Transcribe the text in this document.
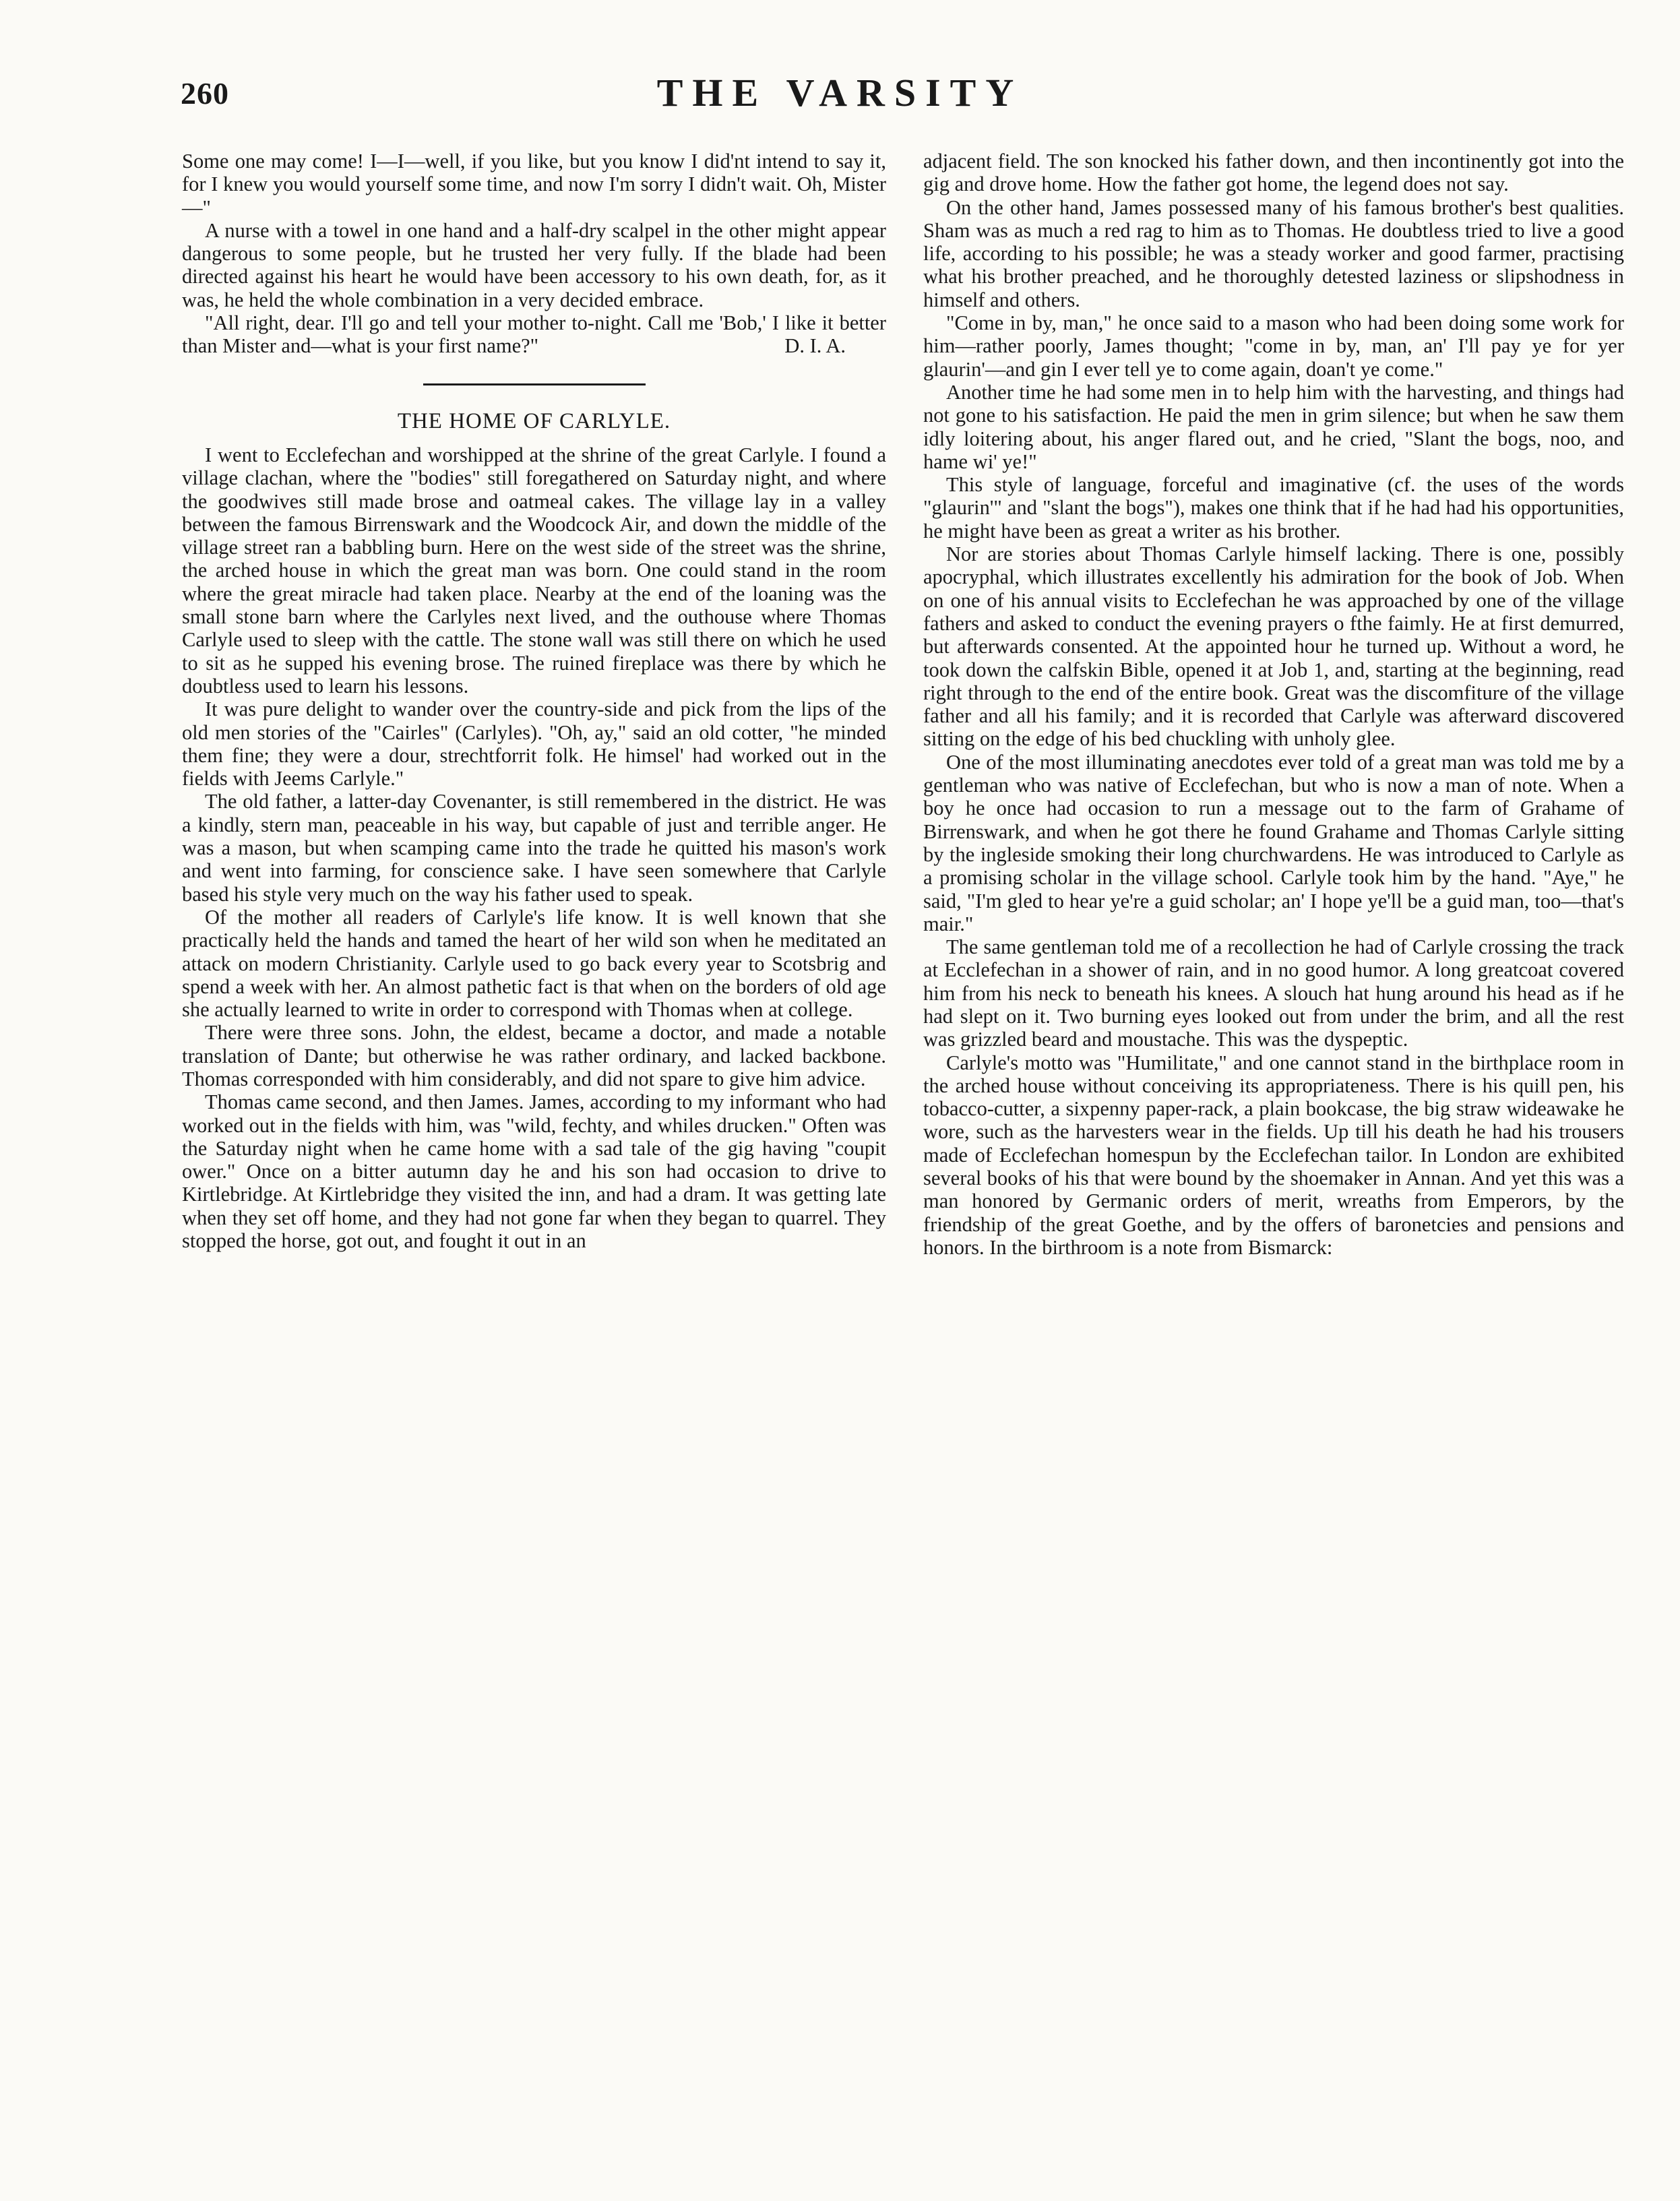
260	THE VARSITY

Some one may come! I—I—well, if you like, but you know I did'nt intend to say it, for I knew you would yourself some time, and now I'm sorry I didn't wait. Oh, Mister—"

A nurse with a towel in one hand and a half-dry scalpel in the other might appear dangerous to some people, but he trusted her very fully. If the blade had been directed against his heart he would have been accessory to his own death, for, as it was, he held the whole combination in a very decided embrace.

"All right, dear. I'll go and tell your mother to-night. Call me 'Bob,' I like it better than Mister and—what is your first name?"	D. I. A.

THE HOME OF CARLYLE.

I went to Ecclefechan and worshipped at the shrine of the great Carlyle. I found a village clachan, where the "bodies" still foregathered on Saturday night, and where the goodwives still made brose and oatmeal cakes. The village lay in a valley between the famous Birrenswark and the Woodcock Air, and down the middle of the village street ran a babbling burn. Here on the west side of the street was the shrine, the arched house in which the great man was born. One could stand in the room where the great miracle had taken place. Nearby at the end of the loaning was the small stone barn where the Carlyles next lived, and the outhouse where Thomas Carlyle used to sleep with the cattle. The stone wall was still there on which he used to sit as he supped his evening brose. The ruined fireplace was there by which he doubtless used to learn his lessons.

It was pure delight to wander over the country-side and pick from the lips of the old men stories of the "Cairles" (Carlyles). "Oh, ay," said an old cotter, "he minded them fine; they were a dour, strechtforrit folk. He himsel' had worked out in the fields with Jeems Carlyle."

The old father, a latter-day Covenanter, is still remembered in the district. He was a kindly, stern man, peaceable in his way, but capable of just and terrible anger. He was a mason, but when scamping came into the trade he quitted his mason's work and went into farming, for conscience sake. I have seen somewhere that Carlyle based his style very much on the way his father used to speak.

Of the mother all readers of Carlyle's life know. It is well known that she practically held the hands and tamed the heart of her wild son when he meditated an attack on modern Christianity. Carlyle used to go back every year to Scotsbrig and spend a week with her. An almost pathetic fact is that when on the borders of old age she actually learned to write in order to correspond with Thomas when at college.

There were three sons. John, the eldest, became a doctor, and made a notable translation of Dante; but otherwise he was rather ordinary, and lacked backbone. Thomas corresponded with him considerably, and did not spare to give him advice.

Thomas came second, and then James. James, according to my informant who had worked out in the fields with him, was "wild, fechty, and whiles drucken." Often was the Saturday night when he came home with a sad tale of the gig having "coupit ower." Once on a bitter autumn day he and his son had occasion to drive to Kirtlebridge. At Kirtlebridge they visited the inn, and had a dram. It was getting late when they set off home, and they had not gone far when they began to quarrel. They stopped the horse, got out, and fought it out in an

adjacent field. The son knocked his father down, and then incontinently got into the gig and drove home. How the father got home, the legend does not say.

On the other hand, James possessed many of his famous brother's best qualities. Sham was as much a red rag to him as to Thomas. He doubtless tried to live a good life, according to his possible; he was a steady worker and good farmer, practising what his brother preached, and he thoroughly detested laziness or slipshodness in himself and others.

"Come in by, man," he once said to a mason who had been doing some work for him—rather poorly, James thought; "come in by, man, an' I'll pay ye for yer glaurin'—and gin I ever tell ye to come again, doan't ye come."

Another time he had some men in to help him with the harvesting, and things had not gone to his satisfaction. He paid the men in grim silence; but when he saw them idly loitering about, his anger flared out, and he cried, "Slant the bogs, noo, and hame wi' ye!"

This style of language, forceful and imaginative (cf. the uses of the words "glaurin'" and "slant the bogs"), makes one think that if he had had his opportunities, he might have been as great a writer as his brother.

Nor are stories about Thomas Carlyle himself lacking. There is one, possibly apocryphal, which illustrates excellently his admiration for the book of Job. When on one of his annual visits to Ecclefechan he was approached by one of the village fathers and asked to conduct the evening prayers o fthe faimly. He at first demurred, but afterwards consented. At the appointed hour he turned up. Without a word, he took down the calfskin Bible, opened it at Job 1, and, starting at the beginning, read right through to the end of the entire book. Great was the discomfiture of the village father and all his family; and it is recorded that Carlyle was afterward discovered sitting on the edge of his bed chuckling with unholy glee.

One of the most illuminating anecdotes ever told of a great man was told me by a gentleman who was native of Ecclefechan, but who is now a man of note. When a boy he once had occasion to run a message out to the farm of Grahame of Birrenswark, and when he got there he found Grahame and Thomas Carlyle sitting by the ingleside smoking their long churchwardens. He was introduced to Carlyle as a promising scholar in the village school. Carlyle took him by the hand. "Aye," he said, "I'm gled to hear ye're a guid scholar; an' I hope ye'll be a guid man, too—that's mair."

The same gentleman told me of a recollection he had of Carlyle crossing the track at Ecclefechan in a shower of rain, and in no good humor. A long greatcoat covered him from his neck to beneath his knees. A slouch hat hung around his head as if he had slept on it. Two burning eyes looked out from under the brim, and all the rest was grizzled beard and moustache. This was the dyspeptic.

Carlyle's motto was "Humilitate," and one cannot stand in the birthplace room in the arched house without conceiving its appropriateness. There is his quill pen, his tobacco-cutter, a sixpenny paper-rack, a plain bookcase, the big straw wideawake he wore, such as the harvesters wear in the fields. Up till his death he had his trousers made of Ecclefechan homespun by the Ecclefechan tailor. In London are exhibited several books of his that were bound by the shoemaker in Annan. And yet this was a man honored by Germanic orders of merit, wreaths from Emperors, by the friendship of the great Goethe, and by the offers of baronetcies and pensions and honors. In the birthroom is a note from Bismarck:
